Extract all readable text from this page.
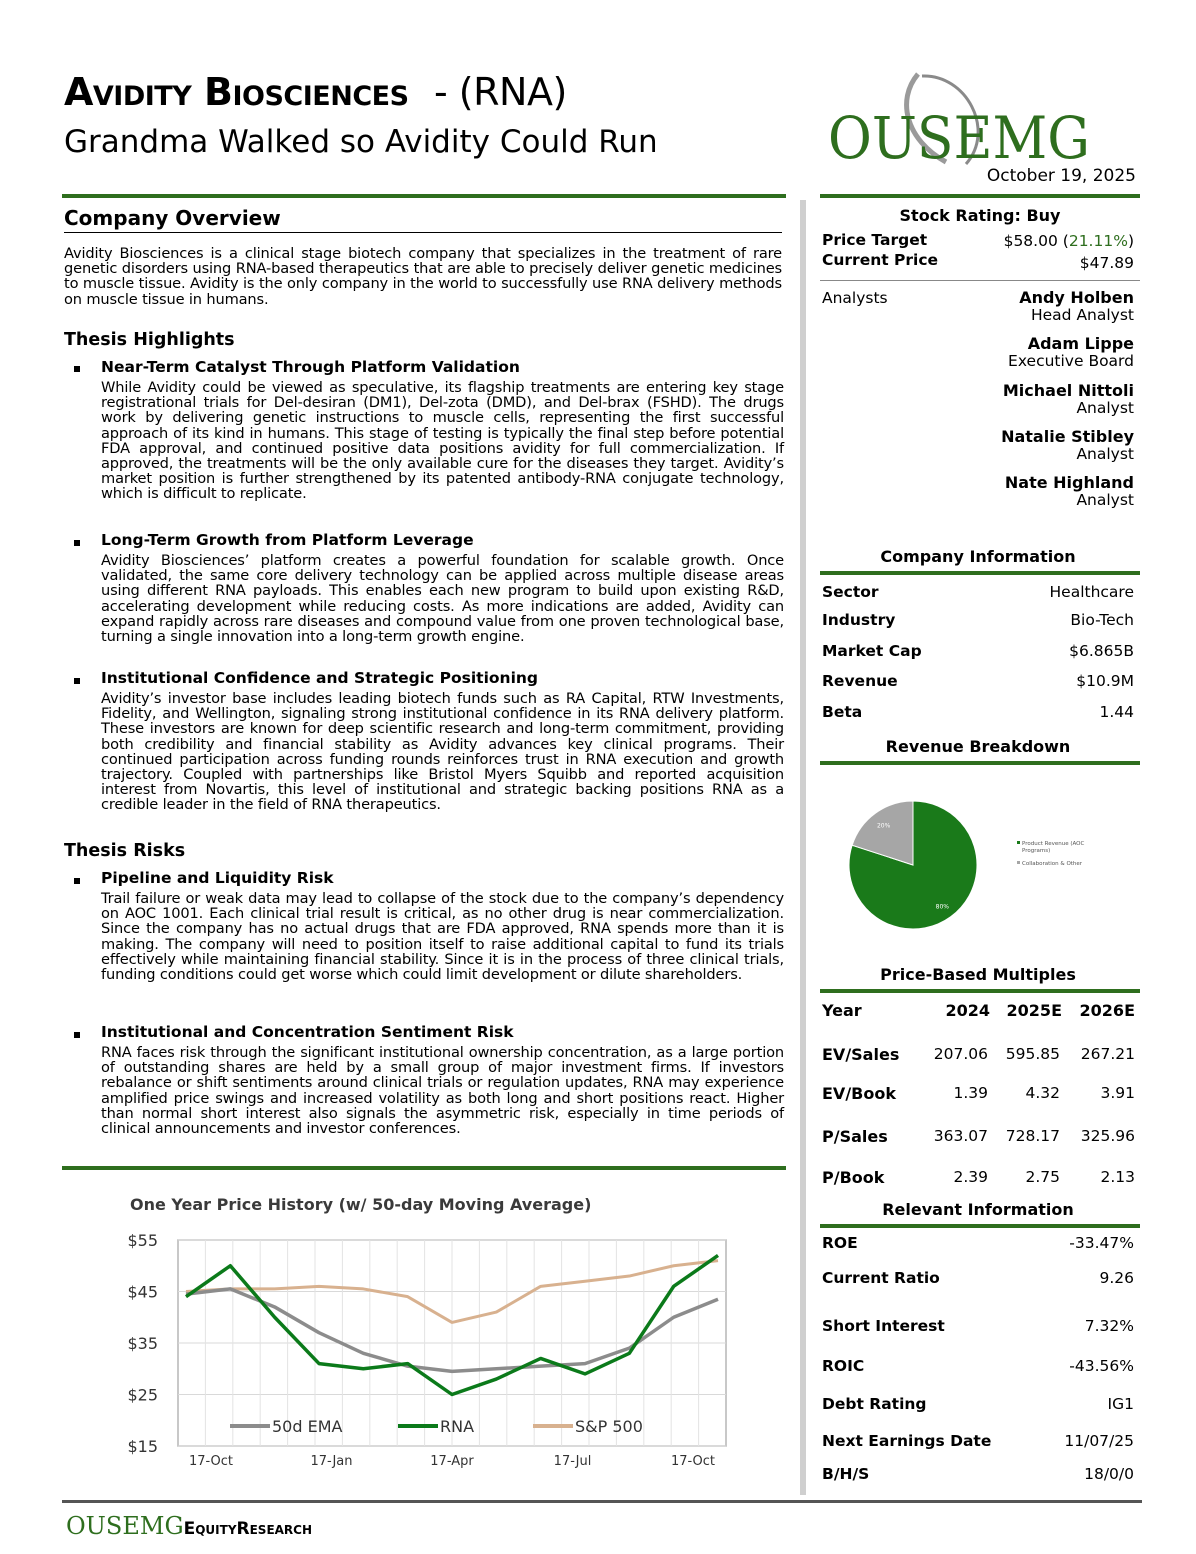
Avidity Biosciences - (RNA)
Grandma Walked so Avidity Could Run	OUSEMG
October 19, 2025
Company Overview
Avidity Biosciences is a clinical stage biotech company that specializes in the treatment of rare genetic disorders using RNA-based therapeutics that are able to precisely deliver genetic medicines to muscle tissue. Avidity is the only company in the world to successfully use RNA delivery methods on muscle tissue in humans.
Thesis Highlights
Near-Term Catalyst Through Platform Validation
While Avidity could be viewed as speculative, its flagship treatments are entering key stage registrational trials for Del-desiran (DM1), Del-zota (DMD), and Del-brax (FSHD). The drugs work by delivering genetic instructions to muscle cells, representing the first successful approach of its kind in humans. This stage of testing is typically the final step before potential FDA approval, and continued positive data positions avidity for full commercialization. If approved, the treatments will be the only available cure for the diseases they target. Avidity’s market position is further strengthened by its patented antibody-RNA conjugate technology, which is difficult to replicate.
Long-Term Growth from Platform Leverage
Avidity Biosciences’ platform creates a powerful foundation for scalable growth. Once validated, the same core delivery technology can be applied across multiple disease areas using different RNA payloads. This enables each new program to build upon existing R&D, accelerating development while reducing costs. As more indications are added, Avidity can expand rapidly across rare diseases and compound value from one proven technological base, turning a single innovation into a long-term growth engine.
Institutional Confidence and Strategic Positioning
Avidity’s investor base includes leading biotech funds such as RA Capital, RTW Investments, Fidelity, and Wellington, signaling strong institutional confidence in its RNA delivery platform. These investors are known for deep scientific research and long-term commitment, providing both credibility and financial stability as Avidity advances key clinical programs. Their continued participation across funding rounds reinforces trust in RNA execution and growth trajectory. Coupled with partnerships like Bristol Myers Squibb and reported acquisition interest from Novartis, this level of institutional and strategic backing positions RNA as a credible leader in the field of RNA therapeutics.
Thesis Risks
Pipeline and Liquidity Risk
Trail failure or weak data may lead to collapse of the stock due to the company’s dependency on AOC 1001. Each clinical trial result is critical, as no other drug is near commercialization. Since the company has no actual drugs that are FDA approved, RNA spends more than it is making. The company will need to position itself to raise additional capital to fund its trials effectively while maintaining financial stability. Since it is in the process of three clinical trials, funding conditions could get worse which could limit development or dilute shareholders.
Institutional and Concentration Sentiment Risk
RNA faces risk through the significant institutional ownership concentration, as a large portion of outstanding shares are held by a small group of major investment firms. If investors rebalance or shift sentiments around clinical trials or regulation updates, RNA may experience amplified price swings and increased volatility as both long and short positions react. Higher than normal short interest also signals the asymmetric risk, especially in time periods of clinical announcements and investor conferences.
One Year Price History (w/ 50-day Moving Average)
$55
$45
$35
$25
$15
17-Oct	17-Jan	17-Apr	17-Jul	17-Oct
50d EMA	RNA	S&P 500
Stock Rating: Buy
Price Target	$58.00 (21.11%)
Current Price	$47.89
Analysts	Andy Holben
Head Analyst
Adam Lippe
Executive Board
Michael Nittoli
Analyst
Natalie Stibley
Analyst
Nate Highland
Analyst
Company Information
Sector	Healthcare
Industry	Bio-Tech
Market Cap	$6.865B
Revenue	$10.9M
Beta	1.44
Revenue Breakdown
80%
20%
Product Revenue (AOC Programs)
Collaboration & Other
Price-Based Multiples
Year	2024	2025E	2026E
EV/Sales	207.06	595.85	267.21
EV/Book	1.39	4.32	3.91
P/Sales	363.07	728.17	325.96
P/Book	2.39	2.75	2.13
Relevant Information
ROE	-33.47%
Current Ratio	9.26
Short Interest	7.32%
ROIC	-43.56%
Debt Rating	IG1
Next Earnings Date	11/07/25
B/H/S	18/0/0
OUSEMGEquityResearch
